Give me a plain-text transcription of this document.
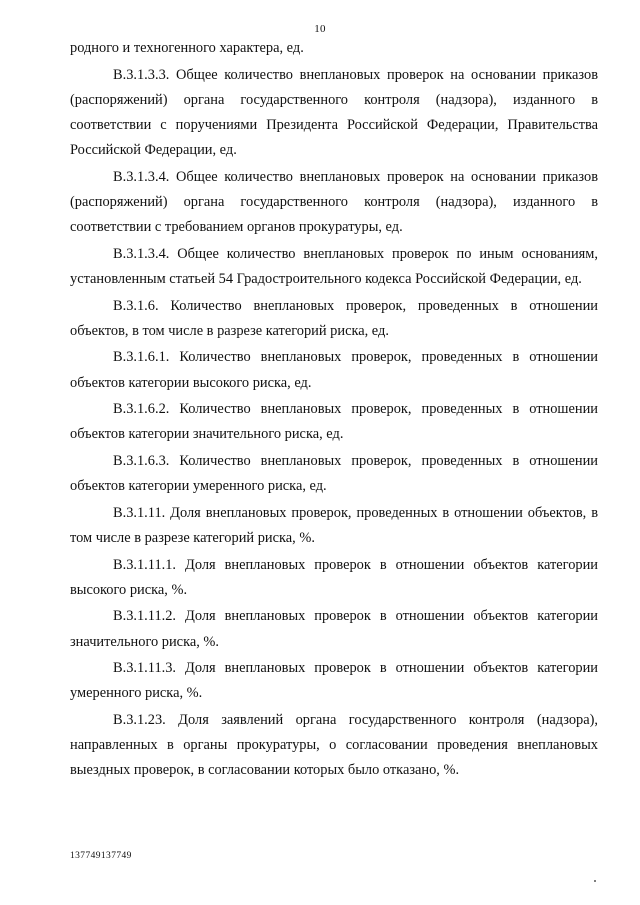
10

родного и техногенного характера, ед.

В.3.1.3.3. Общее количество внеплановых проверок на основании приказов (распоряжений) органа государственного контроля (надзора), изданного в соответствии с поручениями Президента Российской Федерации, Правительства Российской Федерации, ед.

В.3.1.3.4. Общее количество внеплановых проверок на основании приказов (распоряжений) органа государственного контроля (надзора), изданного в соответствии с требованием органов прокуратуры, ед.

В.3.1.3.4. Общее количество внеплановых проверок по иным основаниям, установленным статьей 54 Градостроительного кодекса Российской Федерации, ед.

В.3.1.6. Количество внеплановых проверок, проведенных в отношении объектов, в том числе в разрезе категорий риска, ед.

В.3.1.6.1. Количество внеплановых проверок, проведенных в отношении объектов категории высокого риска, ед.

В.3.1.6.2. Количество внеплановых проверок, проведенных в отношении объектов категории значительного риска, ед.

В.3.1.6.3. Количество внеплановых проверок, проведенных в отношении объектов категории умеренного риска, ед.

В.3.1.11. Доля внеплановых проверок, проведенных в отношении объектов, в том числе в разрезе категорий риска, %.

В.3.1.11.1. Доля внеплановых проверок в отношении объектов категории высокого риска, %.

В.3.1.11.2. Доля внеплановых проверок в отношении объектов категории значительного риска, %.

В.3.1.11.3. Доля внеплановых проверок в отношении объектов категории умеренного риска, %.

В.3.1.23. Доля заявлений органа государственного контроля (надзора), направленных в органы прокуратуры, о согласовании проведения внеплановых выездных проверок, в согласовании которых было отказано, %.

137749137749
